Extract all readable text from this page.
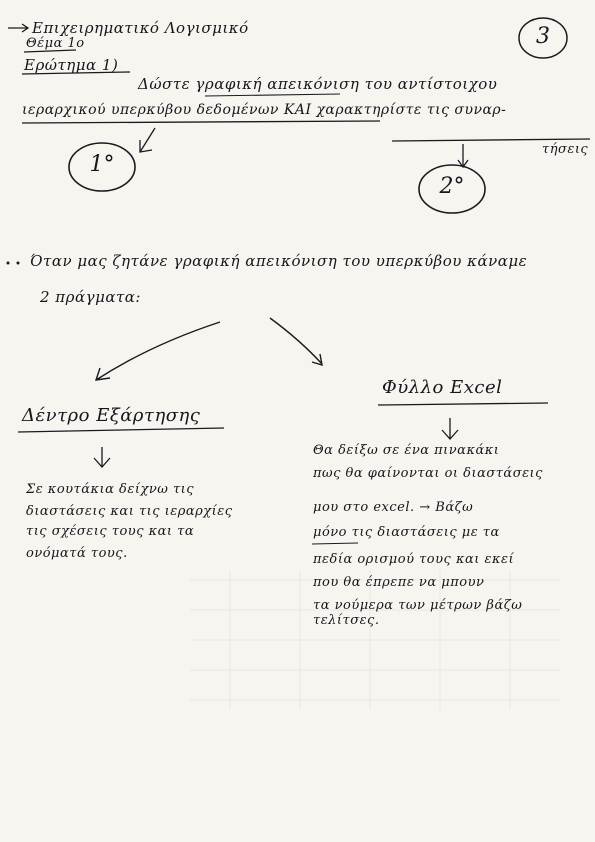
Επιχειρηματικό Λογισμικό
Θέμα 1ο	3
Ερώτημα 1)
Δώστε γραφική απεικόνιση του αντίστοιχου
ιεραρχικού υπερκύβου δεδομένων ΚΑΙ χαρακτηρίστε τις συναρ-
τήσεις
1°
2°
Όταν μας ζητάνε γραφική απεικόνιση του υπερκύβου κάναμε
2 πράγματα:
Δέντρο Εξάρτησης
Φύλλο Excel
Σε κουτάκια δείχνω τις
διαστάσεις και τις ιεραρχίες
τις σχέσεις τους και τα
ονόματά τους.
Θα δείξω σε ένα πινακάκι
πως θα φαίνονται οι διαστάσεις
μου στο excel. → Βάζω
μόνο τις διαστάσεις με τα
πεδία ορισμού τους και εκεί
που θα έπρεπε να μπουν
τα νούμερα των μέτρων βάζω
τελίτσες.
